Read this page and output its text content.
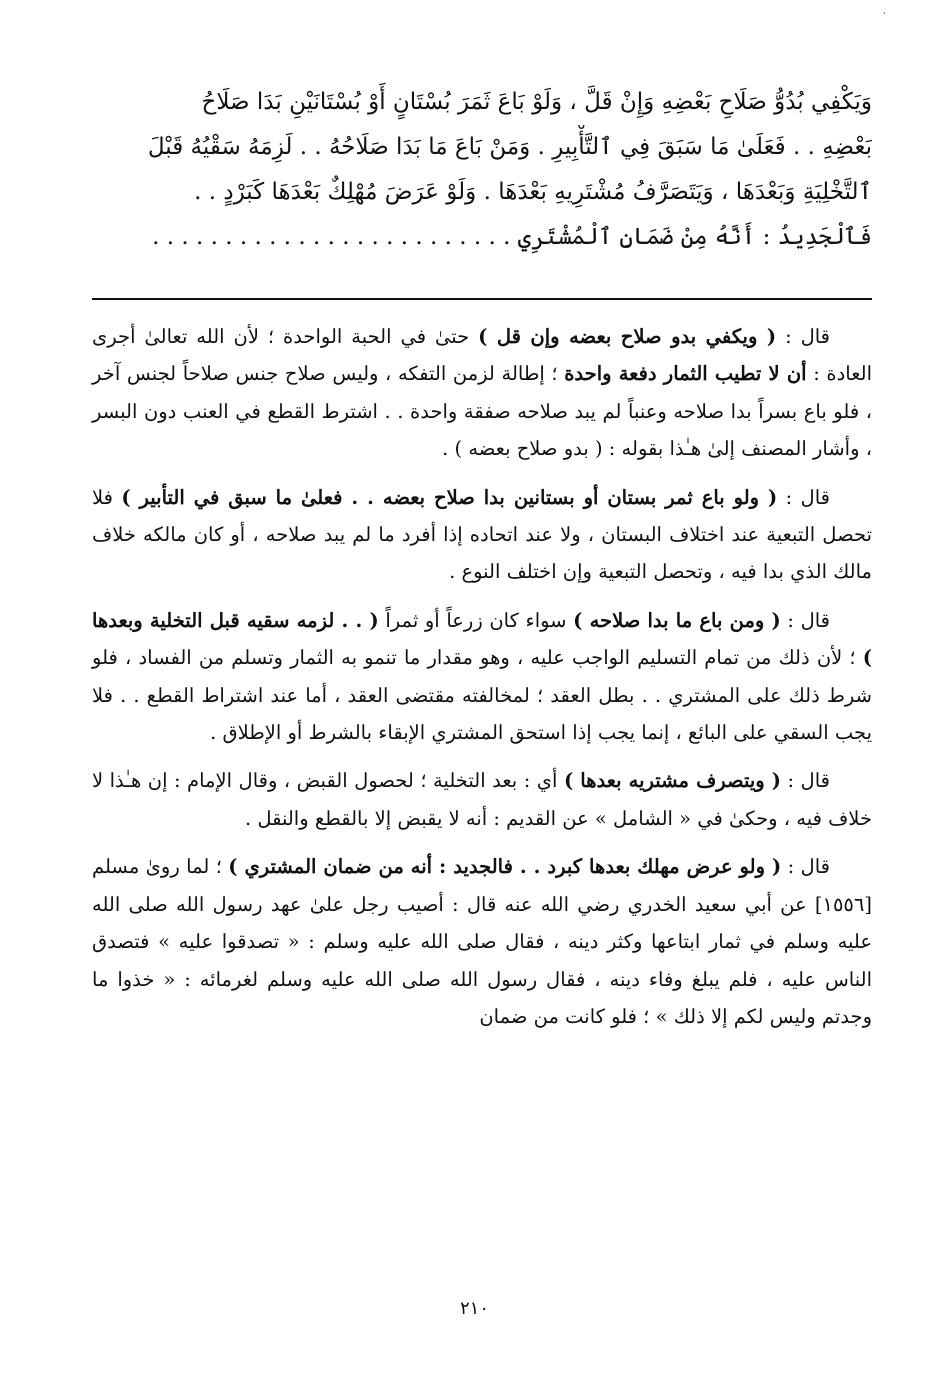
٠
وَيَكْفِي بُدُوُّ صَلَاحِ بَعْضِهِ وَإِنْ قَلَّ ، وَلَوْ بَاعَ ثَمَرَ بُسْتَانٍ أَوْ بُسْتَانَيْنِ بَدَا صَلَاحُ
بَعْضِهِ . . فَعَلَىٰ مَا سَبَقَ فِي ٱلتَّأْبِيرِ . وَمَنْ بَاعَ مَا بَدَا صَلَاحُهُ . . لَزِمَهُ سَقْيُهُ قَبْلَ
ٱلتَّخْلِيَةِ وَبَعْدَهَا ، وَيَتَصَرَّفُ مُشْتَرِيهِ بَعْدَهَا . وَلَوْ عَرَضَ مُهْلِكٌ بَعْدَهَا كَبَرْدٍ . .
فَٱلْجَدِيدُ : أَنَّهُ مِنْ ضَمَانِ ٱلْمُشْتَرِي . . . . . . . . . . . . . . . . . . . . . . . . .

قال : ( ويكفي بدو صلاح بعضه وإن قل ) حتىٰ في الحبة الواحدة ؛ لأن الله تعالىٰ أجرى العادة : أن لا تطيب الثمار دفعة واحدة ؛ إطالة لزمن التفكه ، وليس صلاح جنس صلاحاً لجنس آخر ، فلو باع بسراً بدا صلاحه وعنباً لم يبد صلاحه صفقة واحدة . . اشترط القطع في العنب دون البسر ، وأشار المصنف إلىٰ هـٰذا بقوله : ( بدو صلاح بعضه ) .

قال : ( ولو باع ثمر بستان أو بستانين بدا صلاح بعضه . . فعلىٰ ما سبق في التأبير ) فلا تحصل التبعية عند اختلاف البستان ، ولا عند اتحاده إذا أفرد ما لم يبد صلاحه ، أو كان مالكه خلاف مالك الذي بدا فيه ، وتحصل التبعية وإن اختلف النوع .

قال : ( ومن باع ما بدا صلاحه ) سواء كان زرعاً أو ثمراً ( . . لزمه سقيه قبل التخلية وبعدها ) ؛ لأن ذلك من تمام التسليم الواجب عليه ، وهو مقدار ما تنمو به الثمار وتسلم من الفساد ، فلو شرط ذلك على المشتري . . بطل العقد ؛ لمخالفته مقتضى العقد ، أما عند اشتراط القطع . . فلا يجب السقي على البائع ، إنما يجب إذا استحق المشتري الإبقاء بالشرط أو الإطلاق .

قال : ( ويتصرف مشتريه بعدها ) أي : بعد التخلية ؛ لحصول القبض ، وقال الإمام : إن هـٰذا لا خلاف فيه ، وحكىٰ في « الشامل » عن القديم : أنه لا يقبض إلا بالقطع والنقل .

قال : ( ولو عرض مهلك بعدها كبرد . . فالجديد : أنه من ضمان المشتري ) ؛ لما روىٰ مسلم [١٥٥٦] عن أبي سعيد الخدري رضي الله عنه قال : أصيب رجل علىٰ عهد رسول الله صلى الله عليه وسلم في ثمار ابتاعها وكثر دينه ، فقال صلى الله عليه وسلم : « تصدقوا عليه » فتصدق الناس عليه ، فلم يبلغ وفاء دينه ، فقال رسول الله صلى الله عليه وسلم لغرمائه : « خذوا ما وجدتم وليس لكم إلا ذلك » ؛ فلو كانت من ضمان

٢١٠
